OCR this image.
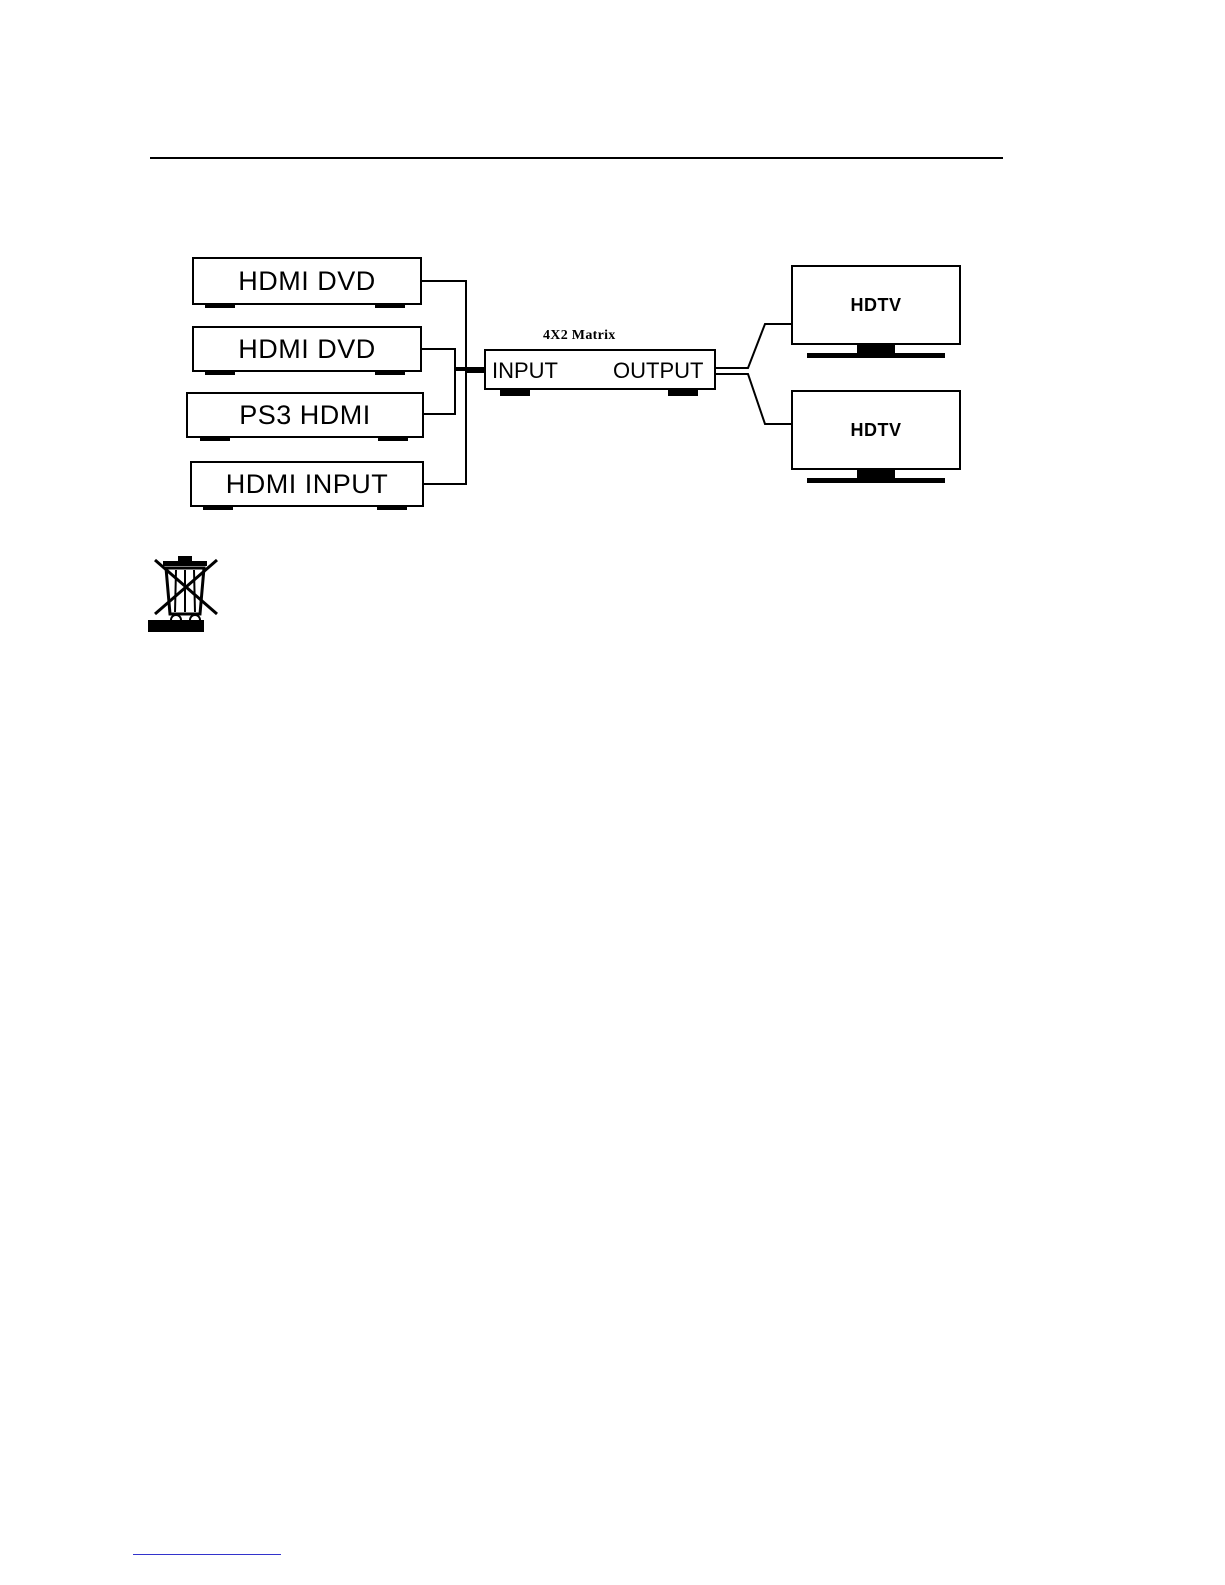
HDMI DVD
HDMI DVD
PS3 HDMI
HDMI INPUT
4X2 Matrix
INPUT	OUTPUT
HDTV
HDTV
